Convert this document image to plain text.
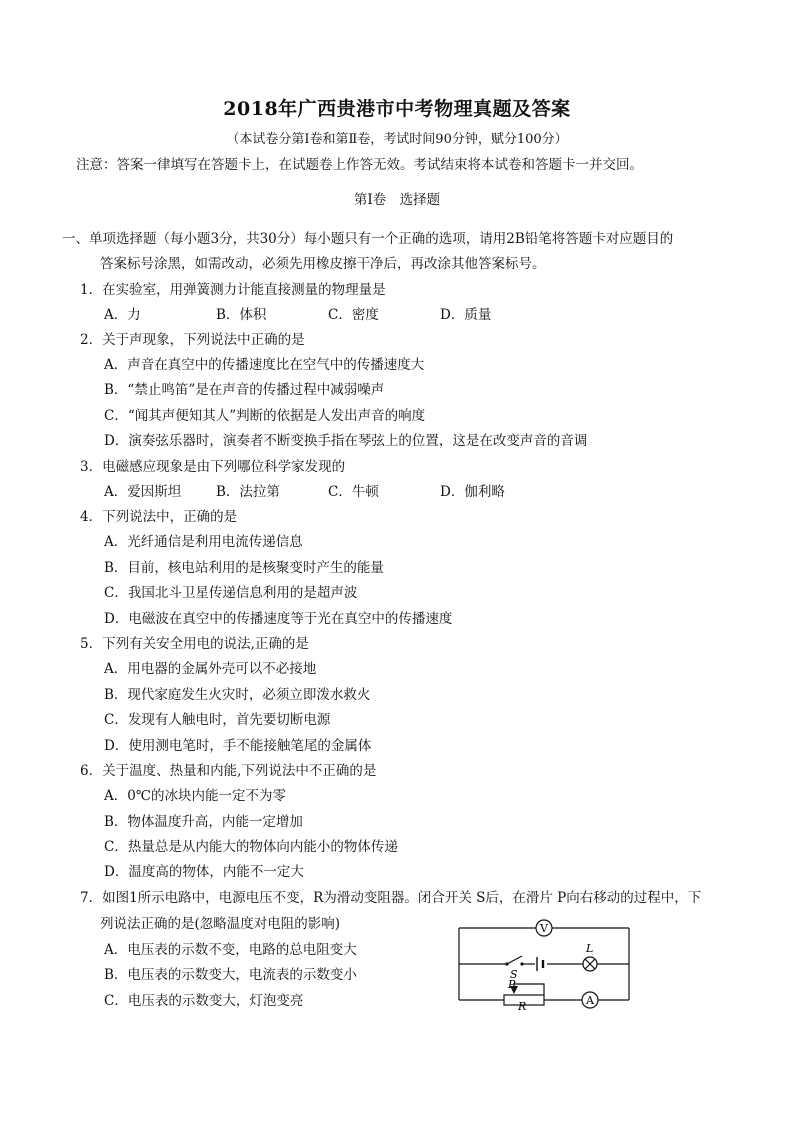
2018年广西贵港市中考物理真题及答案
（本试卷分第Ⅰ卷和第Ⅱ卷，考试时间90分钟，赋分100分）
注意：答案一律填写在答题卡上，在试题卷上作答无效。考试结束将本试卷和答题卡一并交回。
第Ⅰ卷　选择题
一、单项选择题（每小题3分，共30分）每小题只有一个正确的选项，请用2B铅笔将答题卡对应题目的
答案标号涂黑，如需改动，必须先用橡皮擦干净后，再改涂其他答案标号。
1．在实验室，用弹簧测力计能直接测量的物理量是
A．力	B．体积	C．密度	D．质量
2．关于声现象，下列说法中正确的是
A．声音在真空中的传播速度比在空气中的传播速度大
B．“禁止鸣笛”是在声音的传播过程中减弱噪声
C．“闻其声便知其人”判断的依据是人发出声音的响度
D．演奏弦乐器时，演奏者不断变换手指在琴弦上的位置，这是在改变声音的音调
3．电磁感应现象是由下列哪位科学家发现的
A．爱因斯坦	B．法拉第	C．牛顿	D．伽利略
4．下列说法中，正确的是
A．光纤通信是利用电流传递信息
B．目前，核电站利用的是核聚变时产生的能量
C．我国北斗卫星传递信息利用的是超声波
D．电磁波在真空中的传播速度等于光在真空中的传播速度
5．下列有关安全用电的说法,正确的是
A．用电器的金属外壳可以不必接地
B．现代家庭发生火灾时，必须立即泼水救火
C．发现有人触电时，首先要切断电源
D．使用测电笔时，手不能接触笔尾的金属体
6．关于温度、热量和内能,下列说法中不正确的是
A．0℃的冰块内能一定不为零
B．物体温度升高，内能一定增加
C．热量总是从内能大的物体向内能小的物体传递
D．温度高的物体，内能不一定大
7．如图1所示电路中，电源电压不变，R为滑动变阻器。闭合开关 S后，在滑片 P向右移动的过程中，下
列说法正确的是(忽略温度对电阻的影响)
A．电压表的示数不变，电路的总电阻变大
B．电压表的示数变大，电流表的示数变小
C．电压表的示数变大，灯泡变亮
V
A
L
S
P
R
